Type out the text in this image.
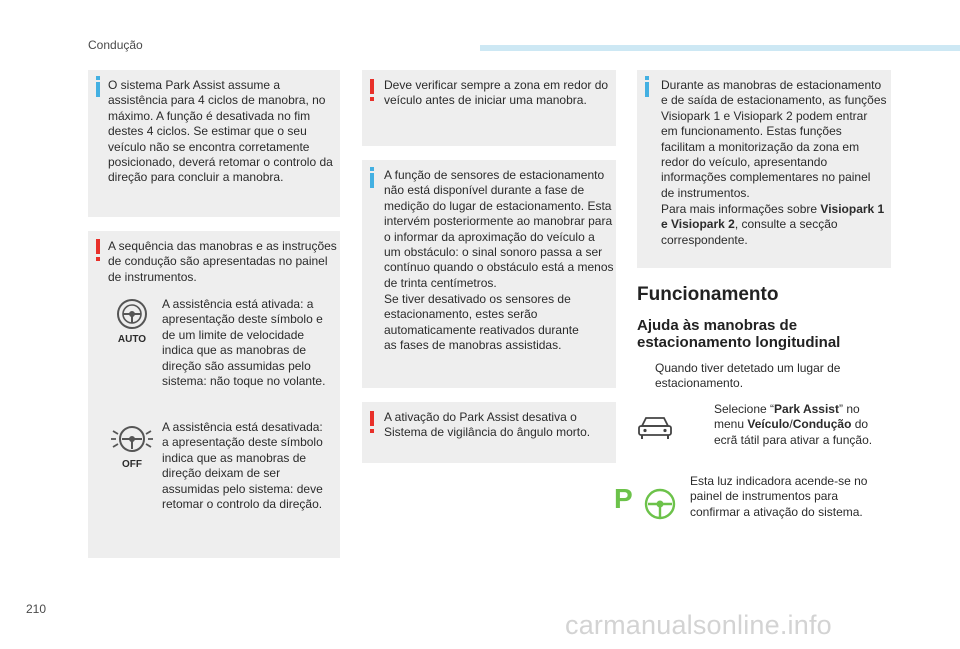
Condução

O sistema Park Assist assume a assistência para 4 ciclos de manobra, no máximo. A função é desativada no fim destes 4 ciclos. Se estimar que o seu veículo não se encontra corretamente posicionado, deverá retomar o controlo da direção para concluir a manobra.

A sequência das manobras e as instruções de condução são apresentadas no painel de instrumentos.

AUTO

A assistência está ativada: a apresentação deste símbolo e de um limite de velocidade indica que as manobras de direção são assumidas pelo sistema: não toque no volante.

OFF

A assistência está desativada: a apresentação deste símbolo indica que as manobras de direção deixam de ser assumidas pelo sistema: deve retomar o controlo da direção.

Deve verificar sempre a zona em redor do veículo antes de iniciar uma manobra.

A função de sensores de estacionamento não está disponível durante a fase de medição do lugar de estacionamento. Esta intervém posteriormente ao manobrar para o informar da aproximação do veículo a um obstáculo: o sinal sonoro passa a ser contínuo quando o obstáculo está a menos de trinta centímetros.

Se tiver desativado os sensores de estacionamento, estes serão automaticamente reativados durante as fases de manobras assistidas.

A ativação do Park Assist desativa o Sistema de vigilância do ângulo morto.

Durante as manobras de estacionamento e de saída de estacionamento, as funções Visiopark 1 e Visiopark 2 podem entrar em funcionamento. Estas funções facilitam a monitorização da zona em redor do veículo, apresentando informações complementares no painel de instrumentos.

Para mais informações sobre Visiopark 1 e Visiopark 2, consulte a secção correspondente.

Funcionamento
Ajuda às manobras de
estacionamento longitudinal

Quando tiver detetado um lugar de estacionamento.

Selecione “Park Assist” no menu Veículo/Condução do ecrã tátil para ativar a função.

P

Esta luz indicadora acende-se no painel de instrumentos para confirmar a ativação do sistema.

210
carmanualsonline.info
